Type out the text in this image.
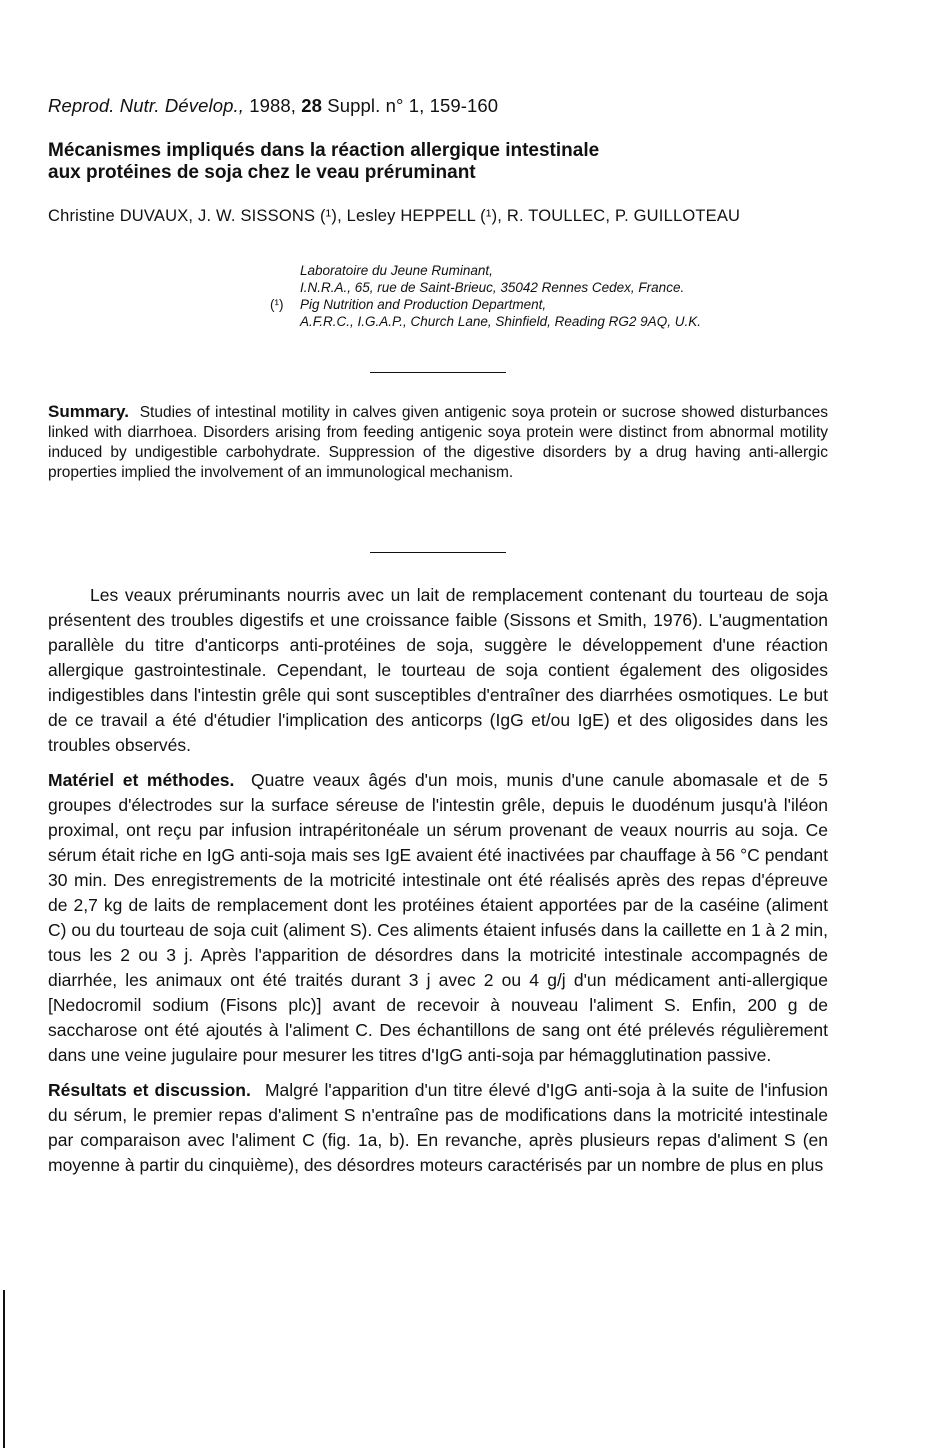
Reprod. Nutr. Dévelop., 1988, 28 Suppl. n° 1, 159-160
Mécanismes impliqués dans la réaction allergique intestinale
aux protéines de soja chez le veau préruminant
Christine DUVAUX, J. W. SISSONS (¹), Lesley HEPPELL (¹), R. TOULLEC, P. GUILLOTEAU
Laboratoire du Jeune Ruminant,
I.N.R.A., 65, rue de Saint-Brieuc, 35042 Rennes Cedex, France.
(¹) Pig Nutrition and Production Department,
A.F.R.C., I.G.A.P., Church Lane, Shinfield, Reading RG2 9AQ, U.K.

Summary. Studies of intestinal motility in calves given antigenic soya protein or sucrose showed disturbances linked with diarrhoea. Disorders arising from feeding antigenic soya protein were distinct from abnormal motility induced by undigestible carbohydrate. Suppression of the digestive disorders by a drug having anti-allergic properties implied the involvement of an immunological mechanism.

Les veaux préruminants nourris avec un lait de remplacement contenant du tourteau de soja présentent des troubles digestifs et une croissance faible (Sissons et Smith, 1976). L'augmentation parallèle du titre d'anticorps anti-protéines de soja, suggère le développement d'une réaction allergique gastrointestinale. Cependant, le tourteau de soja contient également des oligosides indigestibles dans l'intestin grêle qui sont susceptibles d'entraîner des diarrhées osmotiques. Le but de ce travail a été d'étudier l'implication des anticorps (IgG et/ou IgE) et des oligosides dans les troubles observés.

Matériel et méthodes. Quatre veaux âgés d'un mois, munis d'une canule abomasale et de 5 groupes d'électrodes sur la surface séreuse de l'intestin grêle, depuis le duodénum jusqu'à l'iléon proximal, ont reçu par infusion intrapéritonéale un sérum provenant de veaux nourris au soja. Ce sérum était riche en IgG anti-soja mais ses IgE avaient été inactivées par chauffage à 56 °C pendant 30 min. Des enregistrements de la motricité intestinale ont été réalisés après des repas d'épreuve de 2,7 kg de laits de remplacement dont les protéines étaient apportées par de la caséine (aliment C) ou du tourteau de soja cuit (aliment S). Ces aliments étaient infusés dans la caillette en 1 à 2 min, tous les 2 ou 3 j. Après l'apparition de désordres dans la motricité intestinale accompagnés de diarrhée, les animaux ont été traités durant 3 j avec 2 ou 4 g/j d'un médicament anti-allergique [Nedocromil sodium (Fisons plc)] avant de recevoir à nouveau l'aliment S. Enfin, 200 g de saccharose ont été ajoutés à l'aliment C. Des échantillons de sang ont été prélevés régulièrement dans une veine jugulaire pour mesurer les titres d'IgG anti-soja par hémagglutination passive.

Résultats et discussion. Malgré l'apparition d'un titre élevé d'IgG anti-soja à la suite de l'infusion du sérum, le premier repas d'aliment S n'entraîne pas de modifications dans la motricité intestinale par comparaison avec l'aliment C (fig. 1a, b). En revanche, après plusieurs repas d'aliment S (en moyenne à partir du cinquième), des désordres moteurs caractérisés par un nombre de plus en plus
